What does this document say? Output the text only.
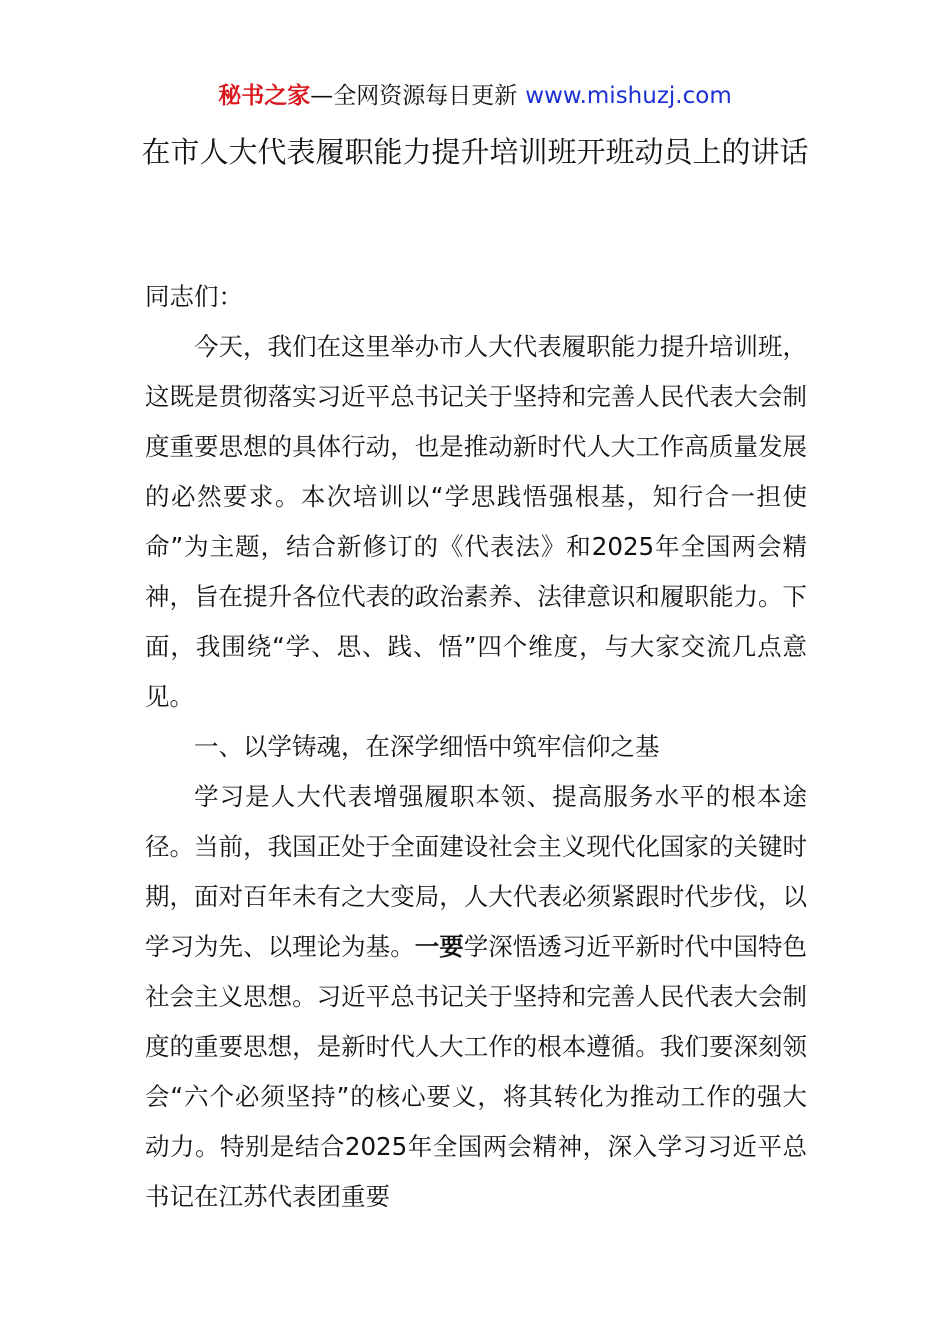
秘书之家—全网资源每日更新 www.mishuzj.com
在市人大代表履职能力提升培训班开班动员上的讲话

同志们：

今天，我们在这里举办市人大代表履职能力提升培训班，这既是贯彻落实习近平总书记关于坚持和完善人民代表大会制度重要思想的具体行动，也是推动新时代人大工作高质量发展的必然要求。本次培训以“学思践悟强根基，知行合一担使命”为主题，结合新修订的《代表法》和2025年全国两会精神，旨在提升各位代表的政治素养、法律意识和履职能力。下面，我围绕“学、思、践、悟”四个维度，与大家交流几点意见。

一、以学铸魂，在深学细悟中筑牢信仰之基

学习是人大代表增强履职本领、提高服务水平的根本途径。当前，我国正处于全面建设社会主义现代化国家的关键时期，面对百年未有之大变局，人大代表必须紧跟时代步伐，以学习为先、以理论为基。一要学深悟透习近平新时代中国特色社会主义思想。习近平总书记关于坚持和完善人民代表大会制度的重要思想，是新时代人大工作的根本遵循。我们要深刻领会“六个必须坚持”的核心要义，将其转化为推动工作的强大动力。特别是结合2025年全国两会精神，深入学习习近平总书记在江苏代表团重要
